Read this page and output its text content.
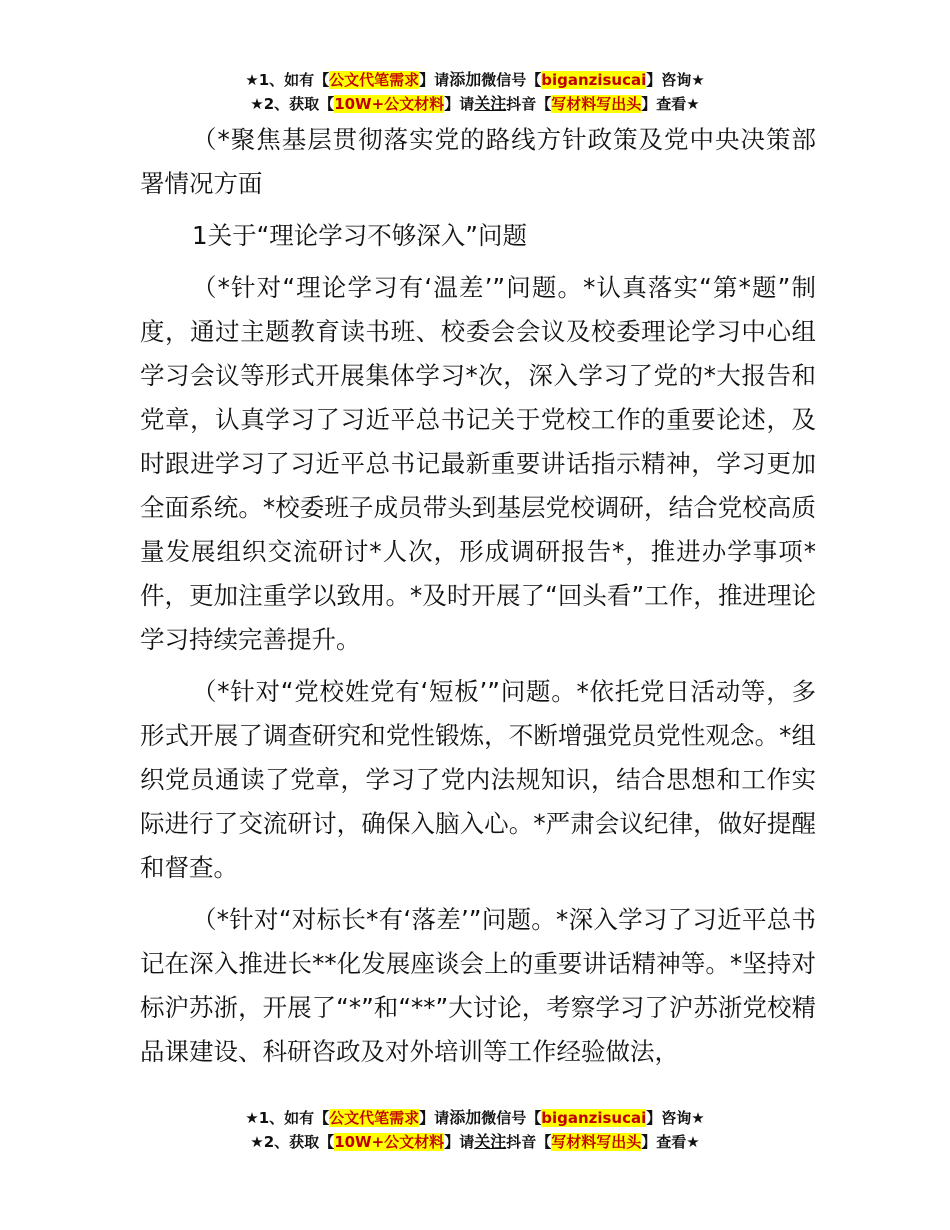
★1、如有【公文代笔需求】请添加微信号【biganzisucai】咨询★
★2、获取【10W+公文材料】请关注抖音【写材料写出头】查看★

（*聚焦基层贯彻落实党的路线方针政策及党中央决策部署情况方面

1关于“理论学习不够深入”问题

（*针对“理论学习有‘温差’”问题。*认真落实“第*题”制度，通过主题教育读书班、校委会会议及校委理论学习中心组学习会议等形式开展集体学习*次，深入学习了党的*大报告和党章，认真学习了习近平总书记关于党校工作的重要论述，及时跟进学习了习近平总书记最新重要讲话指示精神，学习更加全面系统。*校委班子成员带头到基层党校调研，结合党校高质量发展组织交流研讨*人次，形成调研报告*，推进办学事项*件，更加注重学以致用。*及时开展了“回头看”工作，推进理论学习持续完善提升。

（*针对“党校姓党有‘短板’”问题。*依托党日活动等，多形式开展了调查研究和党性锻炼，不断增强党员党性观念。*组织党员通读了党章，学习了党内法规知识，结合思想和工作实际进行了交流研讨，确保入脑入心。*严肃会议纪律，做好提醒和督查。

（*针对“对标长*有‘落差’”问题。*深入学习了习近平总书记在深入推进长**化发展座谈会上的重要讲话精神等。*坚持对标沪苏浙，开展了“*”和“**”大讨论，考察学习了沪苏浙党校精品课建设、科研咨政及对外培训等工作经验做法，

★1、如有【公文代笔需求】请添加微信号【biganzisucai】咨询★
★2、获取【10W+公文材料】请关注抖音【写材料写出头】查看★
